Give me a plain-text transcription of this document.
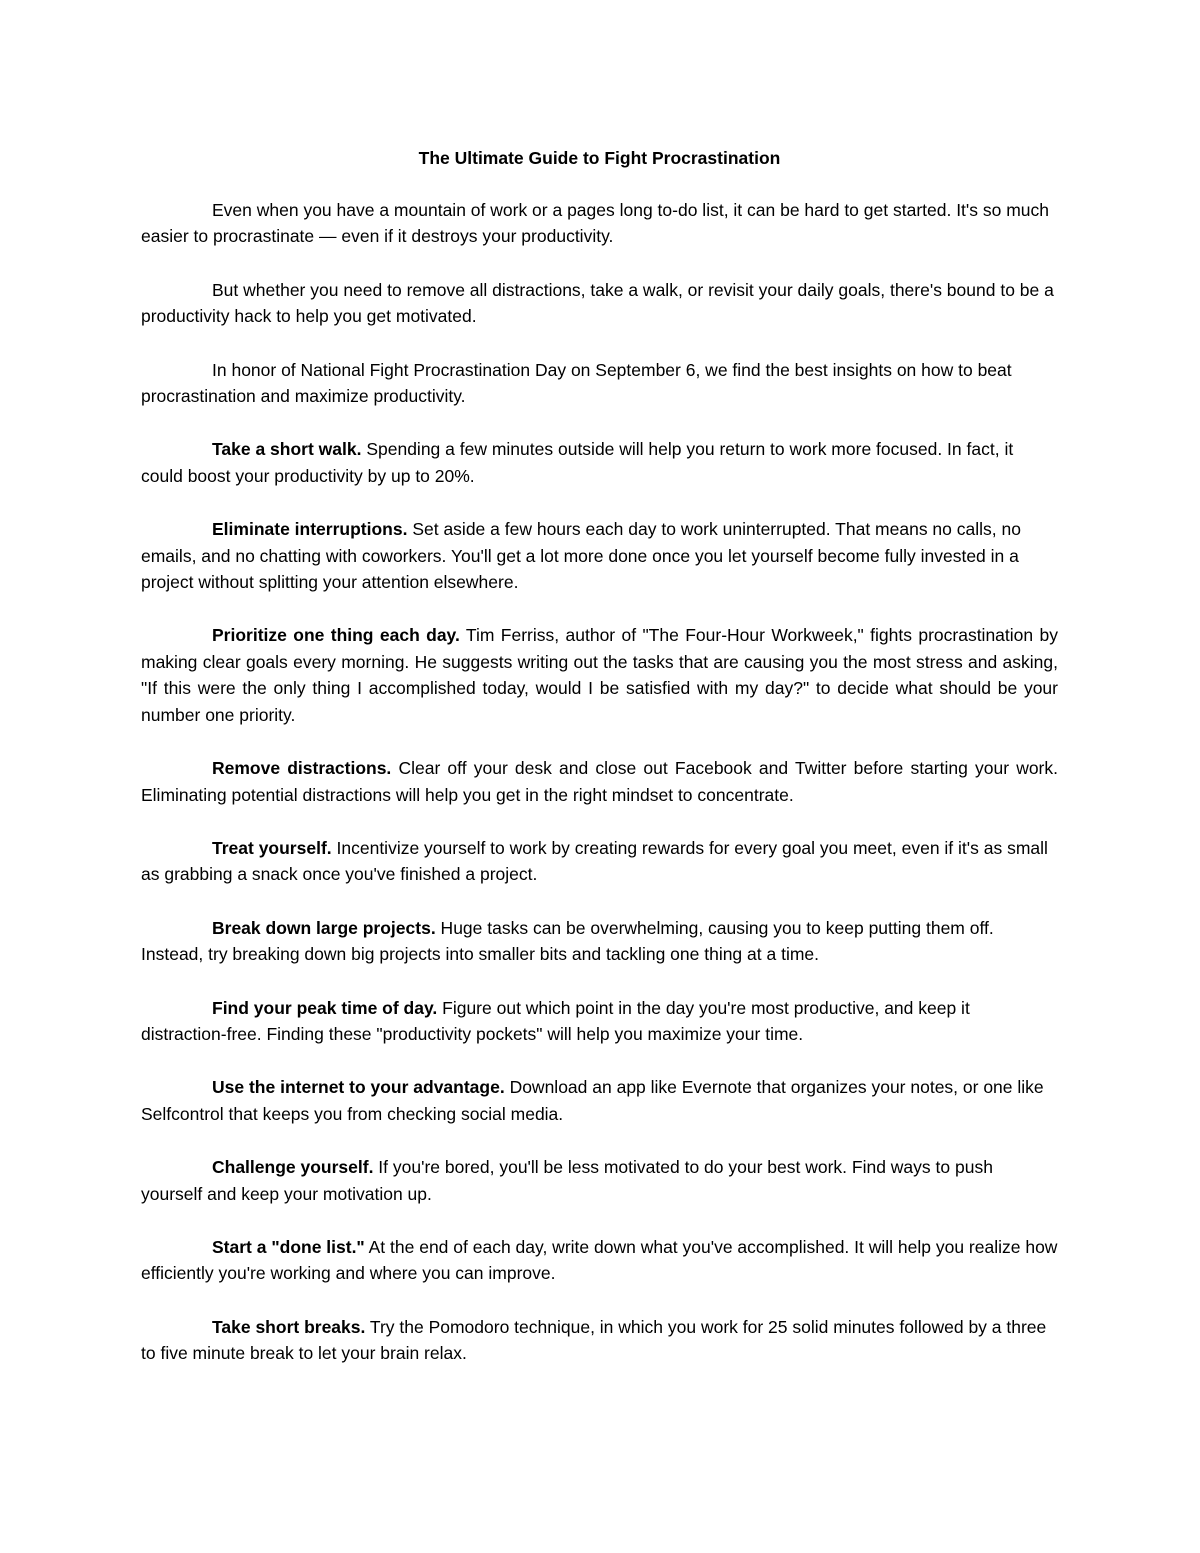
The Ultimate Guide to Fight Procrastination

Even when you have a mountain of work or a pages long to-do list, it can be hard to get started. It's so much easier to procrastinate — even if it destroys your productivity.

But whether you need to remove all distractions, take a walk, or revisit your daily goals, there's bound to be a productivity hack to help you get motivated.

In honor of National Fight Procrastination Day on September 6, we find the best insights on how to beat procrastination and maximize productivity.

Take a short walk. Spending a few minutes outside will help you return to work more focused. In fact, it could boost your productivity by up to 20%.

Eliminate interruptions. Set aside a few hours each day to work uninterrupted. That means no calls, no emails, and no chatting with coworkers. You'll get a lot more done once you let yourself become fully invested in a project without splitting your attention elsewhere.

Prioritize one thing each day. Tim Ferriss, author of "The Four-Hour Workweek," fights procrastination by making clear goals every morning. He suggests writing out the tasks that are causing you the most stress and asking, "If this were the only thing I accomplished today, would I be satisfied with my day?" to decide what should be your number one priority.

Remove distractions. Clear off your desk and close out Facebook and Twitter before starting your work. Eliminating potential distractions will help you get in the right mindset to concentrate.

Treat yourself. Incentivize yourself to work by creating rewards for every goal you meet, even if it's as small as grabbing a snack once you've finished a project.

Break down large projects. Huge tasks can be overwhelming, causing you to keep putting them off. Instead, try breaking down big projects into smaller bits and tackling one thing at a time.

Find your peak time of day. Figure out which point in the day you're most productive, and keep it distraction-free. Finding these "productivity pockets" will help you maximize your time.

Use the internet to your advantage. Download an app like Evernote that organizes your notes, or one like Selfcontrol that keeps you from checking social media.

Challenge yourself. If you're bored, you'll be less motivated to do your best work. Find ways to push yourself and keep your motivation up.

Start a "done list." At the end of each day, write down what you've accomplished. It will help you realize how efficiently you're working and where you can improve.

Take short breaks. Try the Pomodoro technique, in which you work for 25 solid minutes followed by a three to five minute break to let your brain relax.
